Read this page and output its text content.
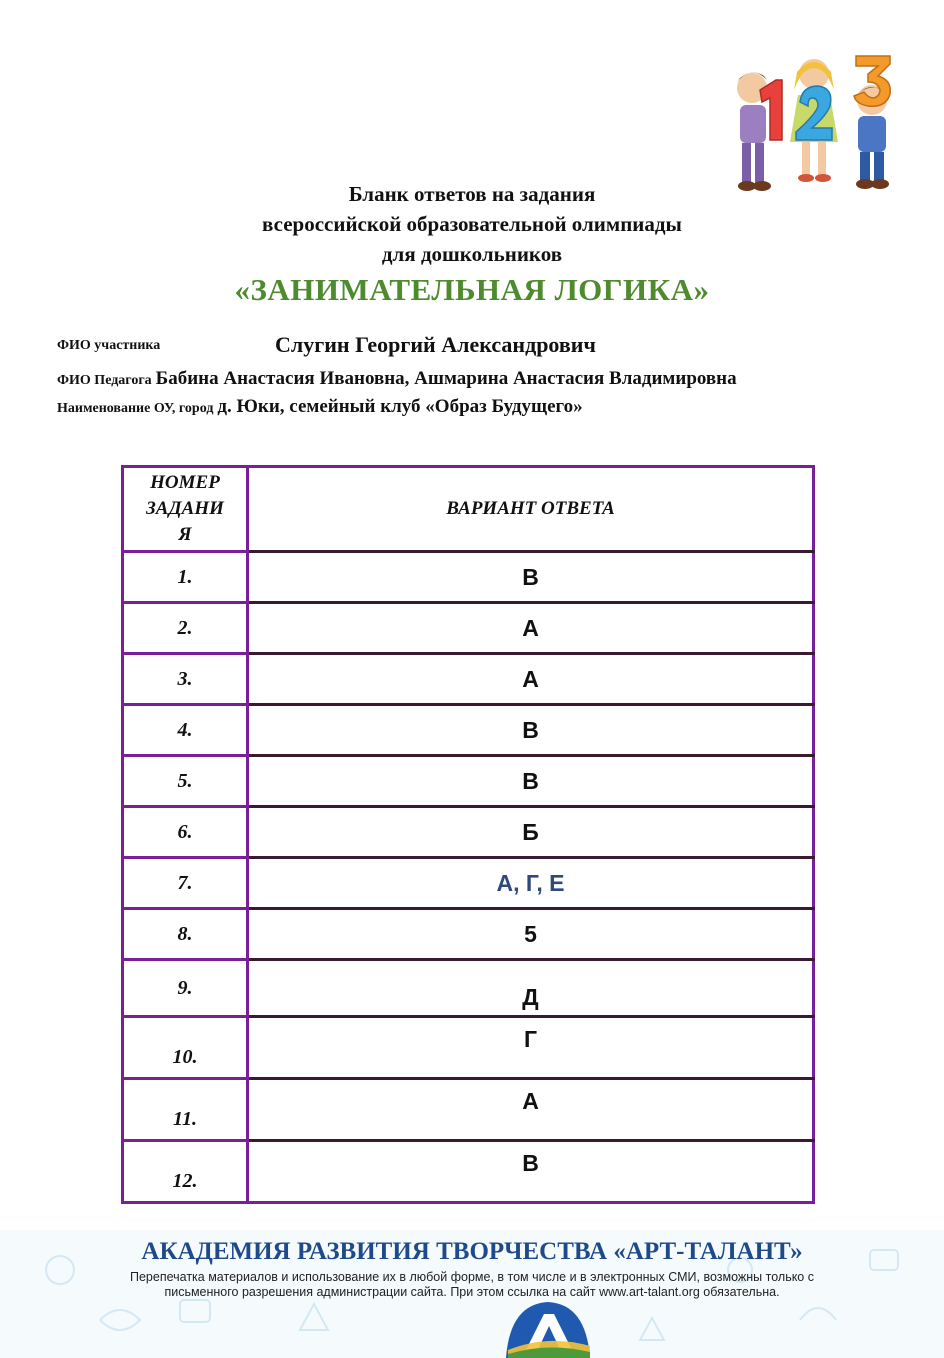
Бланк ответов на задания
всероссийской образовательной олимпиады
для дошкольников
«ЗАНИМАТЕЛЬНАЯ ЛОГИКА»
ФИО участника	Слугин Георгий Александрович
ФИО Педагога Бабина Анастасия Ивановна, Ашмарина Анастасия Владимировна
Наименование ОУ, город д. Юки, семейный клуб «Образ Будущего»
НОМЕР
ЗАДАНИ
Я	ВАРИАНТ ОТВЕТА
1.	В
2.	А
3.	А
4.	В
5.	В
6.	Б
7.	А, Г, Е
8.	5
9.	Д
10.	Г
11.	А
12.	В
АКАДЕМИЯ РАЗВИТИЯ ТВОРЧЕСТВА «АРТ-ТАЛАНТ»
Перепечатка материалов и использование их в любой форме, в том числе и в электронных СМИ, возможны только с
письменного разрешения администрации сайта. При этом ссылка на сайт www.art-talant.org обязательна.
